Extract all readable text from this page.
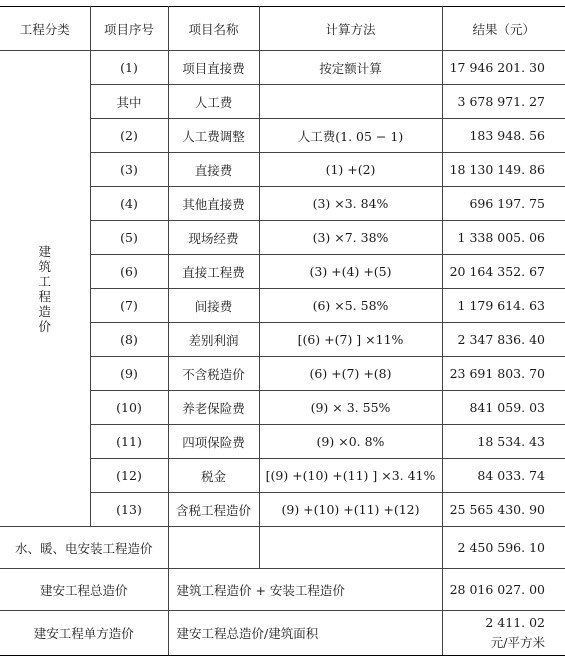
工程分类	项目序号	项目名称	计算方法	结果（元）
建筑工程造价	(1)	项目直接费	按定额计算	17 946 201. 30
	其中	人工费		3 678 971. 27
	(2)	人工费调整	人工费(1. 05 − 1)	183 948. 56
	(3)	直接费	(1) +(2)	18 130 149. 86
	(4)	其他直接费	(3) ×3. 84%	696 197. 75
	(5)	现场经费	(3) ×7. 38%	1 338 005. 06
	(6)	直接工程费	(3) +(4) +(5)	20 164 352. 67
	(7)	间接费	(6) ×5. 58%	1 179 614. 63
	(8)	差别利润	[(6) +(7) ] ×11%	2 347 836. 40
	(9)	不含税造价	(6) +(7) +(8)	23 691 803. 70
	(10)	养老保险费	(9) × 3. 55%	841 059. 03
	(11)	四项保险费	(9) ×0. 8%	18 534. 43
	(12)	税金	[(9) +(10) +(11) ] ×3. 41%	84 033. 74
	(13)	含税工程造价	(9) +(10) +(11) +(12)	25 565 430. 90
水、暖、电安装工程造价				2 450 596. 10
建安工程总造价		建筑工程造价 + 安装工程造价		28 016 027. 00
建安工程单方造价		建安工程总造价/建筑面积		2 411. 02
元/平方米
